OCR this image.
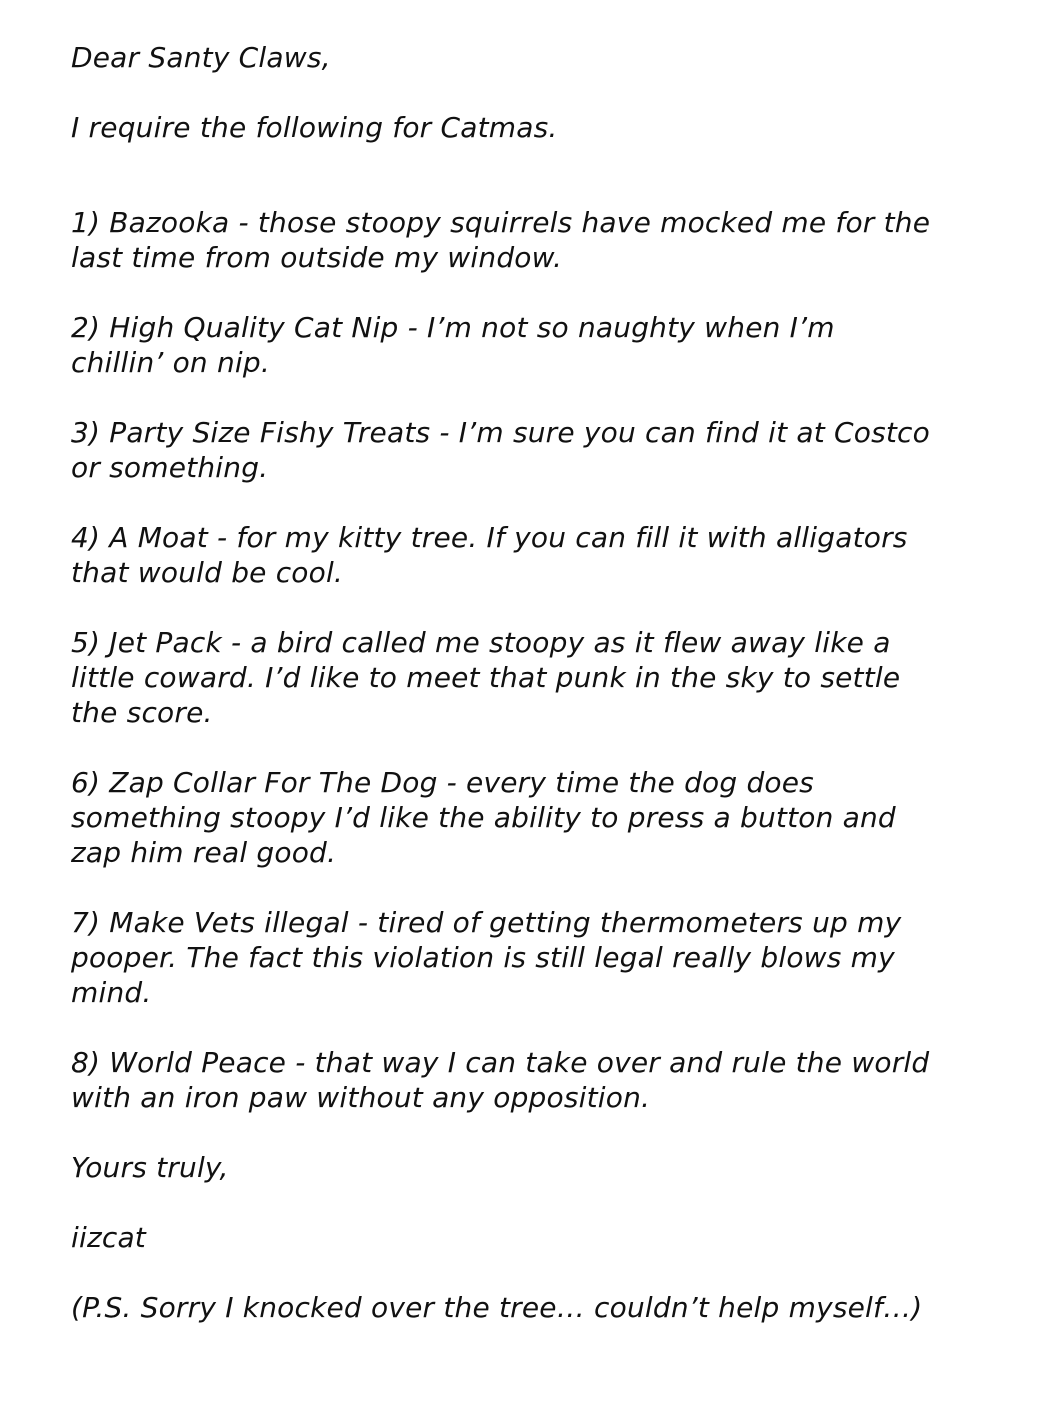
Dear Santy Claws,

I require the following for Catmas.

1) Bazooka - those stoopy squirrels have mocked me for the last time from outside my window.

2) High Quality Cat Nip - I’m not so naughty when I’m chillin’ on nip.

3) Party Size Fishy Treats - I’m sure you can find it at Costco or something.

4) A Moat - for my kitty tree. If you can fill it with alligators that would be cool.

5) Jet Pack - a bird called me stoopy as it flew away like a little coward. I’d like to meet that punk in the sky to settle the score.

6) Zap Collar For The Dog - every time the dog does something stoopy I’d like the ability to press a button and zap him real good.

7) Make Vets illegal - tired of getting thermometers up my pooper. The fact this violation is still legal really blows my mind.

8) World Peace - that way I can take over and rule the world with an iron paw without any opposition.

Yours truly,

iizcat

(P.S. Sorry I knocked over the tree… couldn’t help myself…)
